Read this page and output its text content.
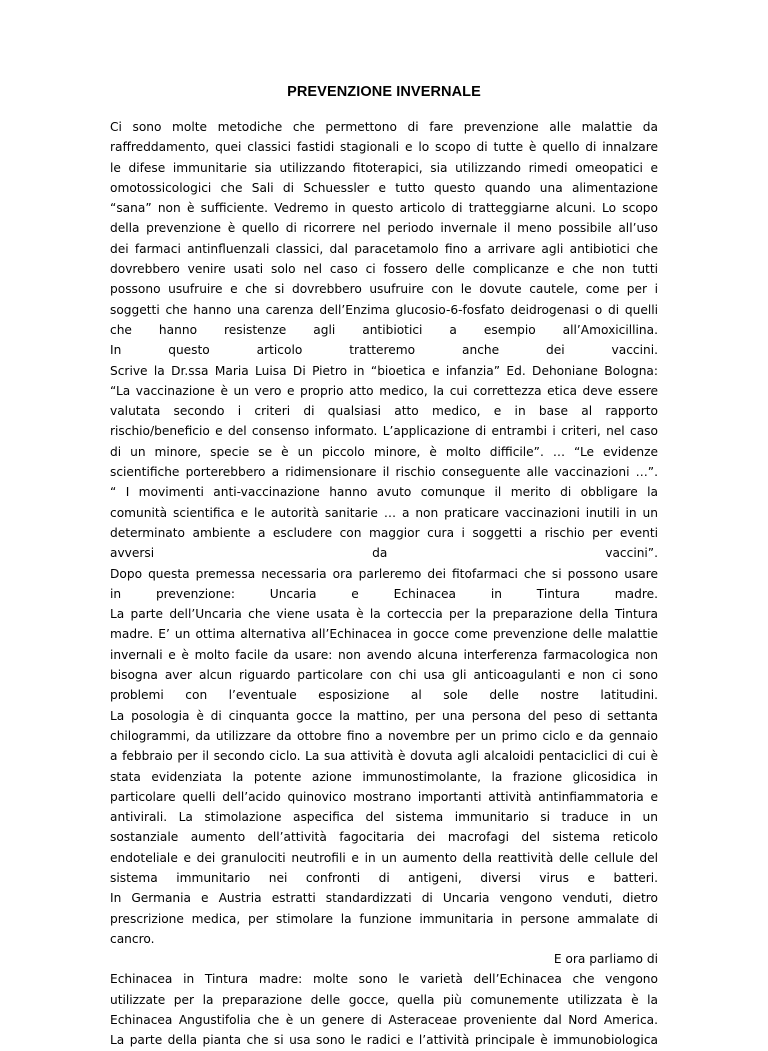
PREVENZIONE INVERNALE
Ci sono molte metodiche che permettono di fare prevenzione alle malattie da
raffreddamento, quei classici fastidi stagionali e lo scopo di tutte è quello di innalzare
le difese immunitarie sia utilizzando fitoterapici, sia utilizzando rimedi omeopatici e
omotossicologici che Sali di Schuessler e tutto questo quando una alimentazione
“sana” non è sufficiente. Vedremo in questo articolo di tratteggiarne alcuni. Lo scopo
della prevenzione è quello di ricorrere nel periodo invernale il meno possibile all’uso
dei farmaci antinfluenzali classici, dal paracetamolo fino a arrivare agli antibiotici che
dovrebbero venire usati solo nel caso ci fossero delle complicanze e che non tutti
possono usufruire e che si dovrebbero usufruire con le dovute cautele, come per i
soggetti che hanno una carenza dell’Enzima glucosio-6-fosfato deidrogenasi o di quelli
che hanno resistenze agli antibiotici a esempio all’Amoxicillina.
In questo articolo tratteremo anche dei vaccini.
Scrive la Dr.ssa Maria Luisa Di Pietro in “bioetica e infanzia” Ed. Dehoniane Bologna:
“La vaccinazione è un vero e proprio atto medico, la cui correttezza etica deve essere
valutata secondo i criteri di qualsiasi atto medico, e in base al rapporto
rischio/beneficio e del consenso informato. L’applicazione di entrambi i criteri, nel caso
di un minore, specie se è un piccolo minore, è molto difficile”. … “Le evidenze
scientifiche porterebbero a ridimensionare il rischio conseguente alle vaccinazioni …”.
“ I movimenti anti-vaccinazione hanno avuto comunque il merito di obbligare la
comunità scientifica e le autorità sanitarie … a non praticare vaccinazioni inutili in un
determinato ambiente a escludere con maggior cura i soggetti a rischio per eventi
avversi da vaccini”.
Dopo questa premessa necessaria ora parleremo dei fitofarmaci che si possono usare
in prevenzione: Uncaria e Echinacea in Tintura madre.
La parte dell’Uncaria che viene usata è la corteccia per la preparazione della Tintura
madre. E’ un ottima alternativa all’Echinacea in gocce come prevenzione delle malattie
invernali e è molto facile da usare: non avendo alcuna interferenza farmacologica non
bisogna aver alcun riguardo particolare con chi usa gli anticoagulanti e non ci sono
problemi con l’eventuale esposizione al sole delle nostre latitudini.
La posologia è di cinquanta gocce la mattino, per una persona del peso di settanta
chilogrammi, da utilizzare da ottobre fino a novembre per un primo ciclo e da gennaio
a febbraio per il secondo ciclo. La sua attività è dovuta agli alcaloidi pentaciclici di cui è
stata evidenziata la potente azione immunostimolante, la frazione glicosidica in
particolare quelli dell’acido quinovico mostrano importanti attività antinfiammatoria e
antivirali. La stimolazione aspecifica del sistema immunitario si traduce in un
sostanziale aumento dell’attività fagocitaria dei macrofagi del sistema reticolo
endoteliale e dei granulociti neutrofili e in un aumento della reattività delle cellule del
sistema immunitario nei confronti di antigeni, diversi virus e batteri.
In Germania e Austria estratti standardizzati di Uncaria vengono venduti, dietro
prescrizione medica, per stimolare la funzione immunitaria in persone ammalate di
cancro.
E ora parliamo di
Echinacea in Tintura madre: molte sono le varietà dell’Echinacea che vengono
utilizzate per la preparazione delle gocce, quella più comunemente utilizzata è la
Echinacea Angustifolia che è un genere di Asteraceae proveniente dal Nord America.
La parte della pianta che si usa sono le radici e l’attività principale è immunobiologica
